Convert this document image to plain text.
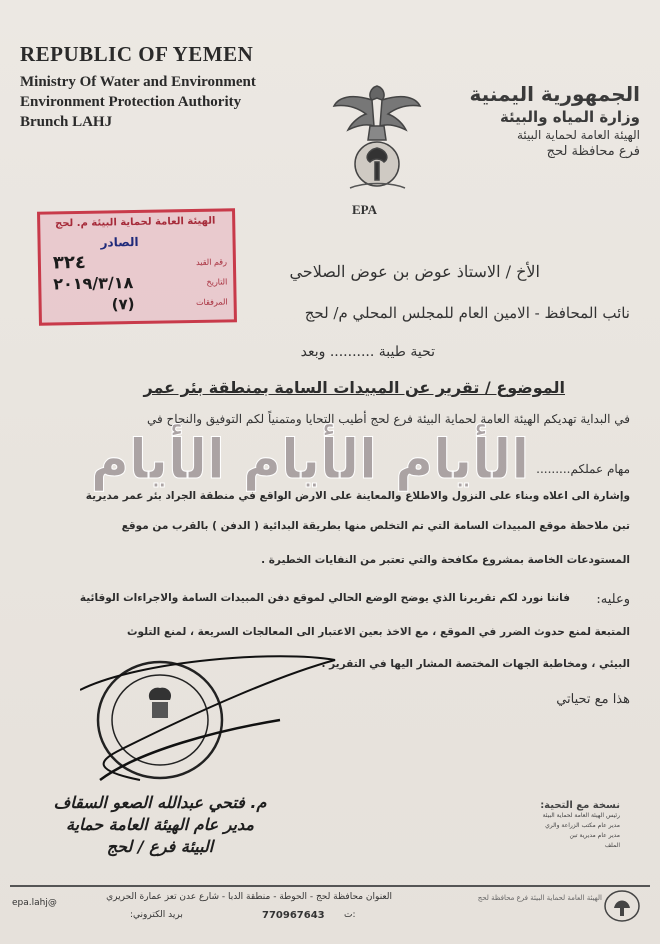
REPUBLIC OF YEMEN
Ministry Of Water and Environment
Environment Protection Authority
Brunch LAHJ
EPA
الجمهورية اليمنية
وزارة المياه والبيئة
الهيئة العامة لحماية البيئة
فرع محافظة لحج
الهيئة العامة لحماية البيئة م. لحج
الصادر
رقم القيد
٣٢٤
التاريخ
٢٠١٩/٣/١٨
المرفقات
(٧)
الأخ / الاستاذ عوض بن عوض الصلاحي
نائب المحافظ - الامين العام للمجلس المحلي م/ لحج
تحية طيبة .......... وبعد
الموضوع / تقرير عن المبيدات السامة بمنطقة بئر عمر
في البداية تهديكم الهيئة العامة لحماية البيئة فرع لحج أطيب التحايا ومتمنياً لكم التوفيق والنجاح في
مهام عملكم.........
الأيام الأيام الأيام
وإشارة الى اعلاه وبناء على النزول والاطلاع والمعاينة على الارض الواقع في منطقة الجراد بئر عمر مديرية
تبن ملاحظة موقع المبيدات السامة التي تم التخلص منها بطريقة البدائية ( الدفن ) بالقرب من موقع
المستودعات الخاصة بمشروع مكافحة والتي تعتبر من النفايات الخطيرة .
وعليه:
فاننا نورد لكم تقريرنا الذي يوضح الوضع الحالي لموقع دفن المبيدات السامة والاجراءات الوقائية
المتبعة لمنع حدوث الضرر في الموقع ، مع الاخذ بعين الاعتبار الى المعالجات السريعة ، لمنع التلوث
البيئي ، ومخاطبة الجهات المختصة المشار اليها في التقرير .
هذا مع تحياتي
م. فتحي عبدالله الصعو السقاف
مدير عام الهيئة العامة حماية
البيئة فرع / لحج
نسخة مع التحية:
رئيس الهيئة العامة لحماية البيئة
مدير عام مكتب الزراعة والري
مدير عام مديرية تبن
الملف
العنوان محافظة لحج - الحوطة - منطقة الدبا - شارع عدن تعز عمارة الحريري
770967643 ت:
epa.lahj@
بريد الكتروني:
الهيئة العامة لحماية البيئة فرع محافظة لحج
